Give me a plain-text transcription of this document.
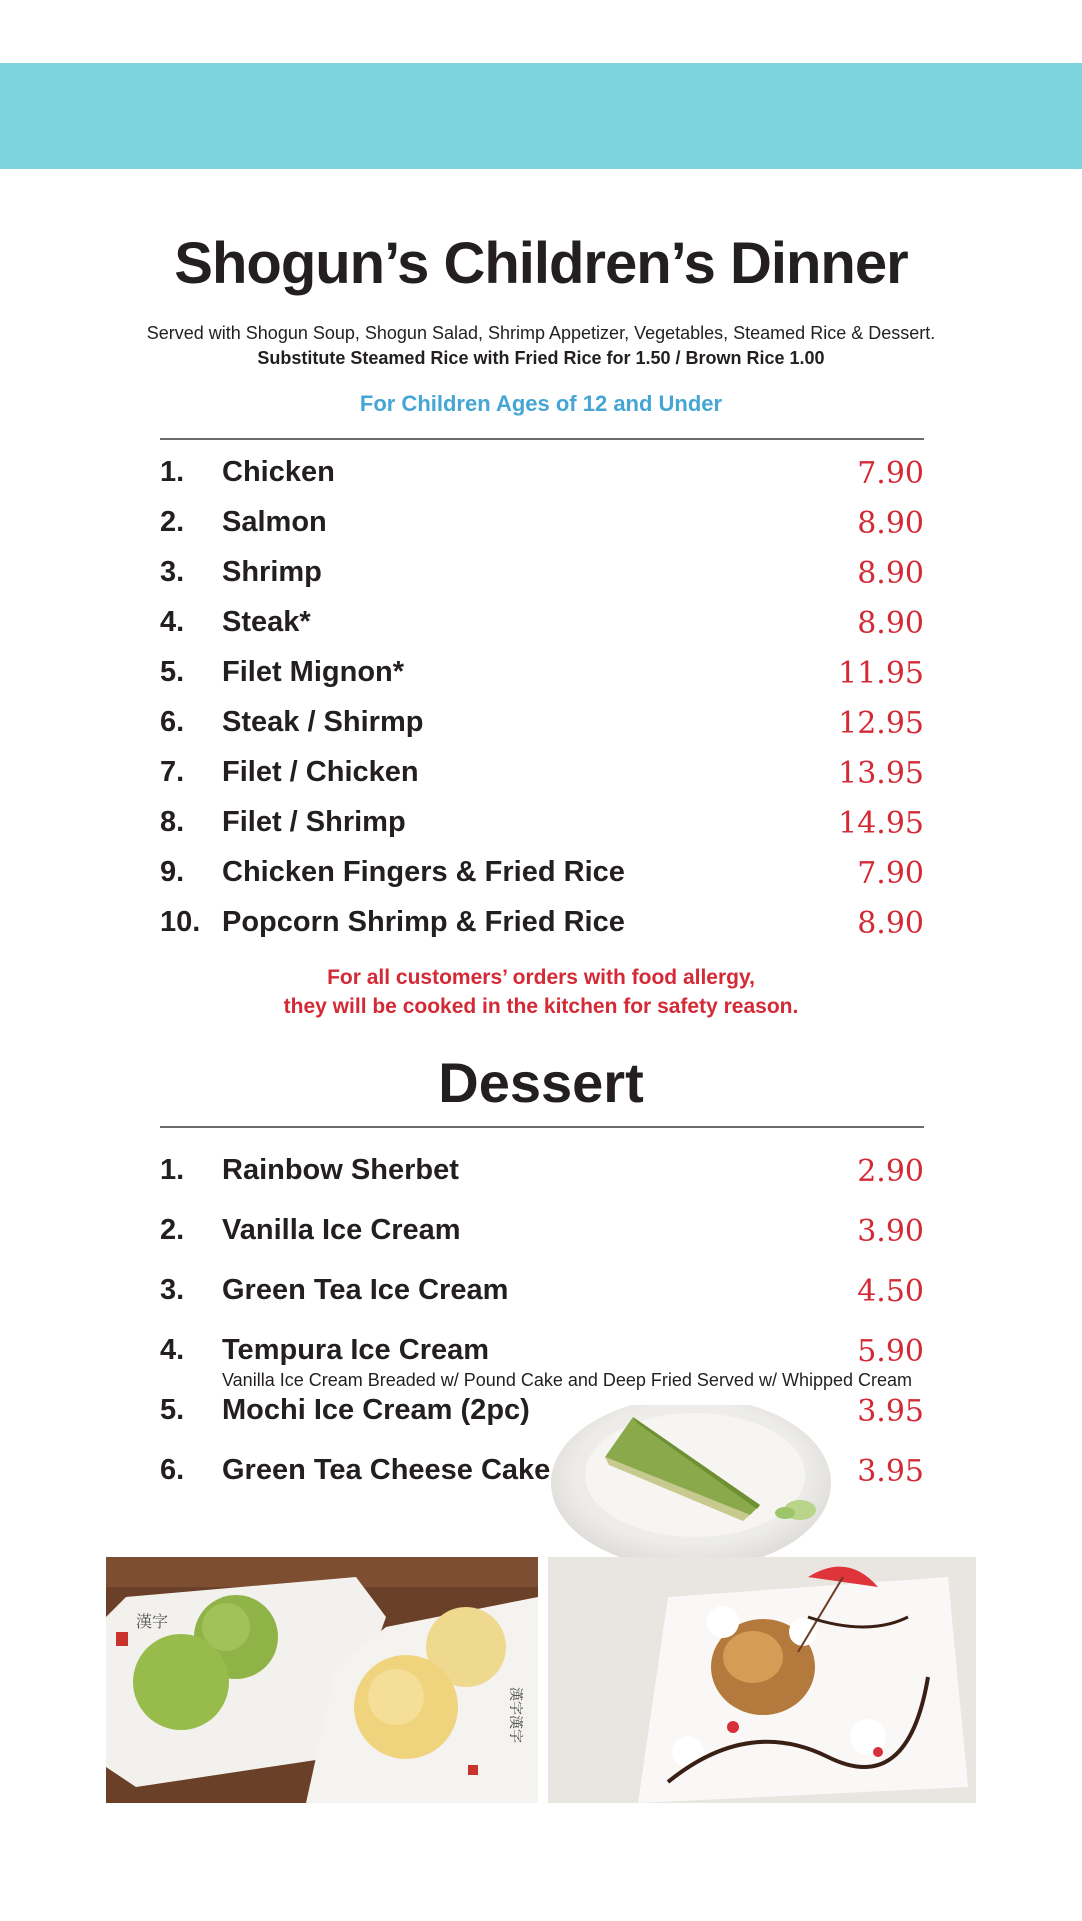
Shogun’s Children’s Dinner
Served with Shogun Soup, Shogun Salad, Shrimp Appetizer, Vegetables, Steamed Rice & Dessert.
Substitute Steamed Rice with Fried Rice for 1.50 / Brown Rice 1.00
For Children Ages of 12 and Under
1. Chicken	7.90
2. Salmon	8.90
3. Shrimp	8.90
4. Steak*	8.90
5. Filet Mignon*	11.95
6. Steak / Shirmp	12.95
7. Filet / Chicken	13.95
8. Filet / Shrimp	14.95
9. Chicken Fingers & Fried Rice	7.90
10. Popcorn Shrimp & Fried Rice	8.90
For all customers’ orders with food allergy,
they will be cooked in the kitchen for safety reason.
Dessert
1. Rainbow Sherbet	2.90
2. Vanilla Ice Cream	3.90
3. Green Tea Ice Cream	4.50
4. Tempura Ice Cream	5.90
Vanilla Ice Cream Breaded w/ Pound Cake and Deep Fried Served w/ Whipped Cream
5. Mochi Ice Cream (2pc)	3.95
6. Green Tea Cheese Cake	3.95
漢字
漢字漢字
